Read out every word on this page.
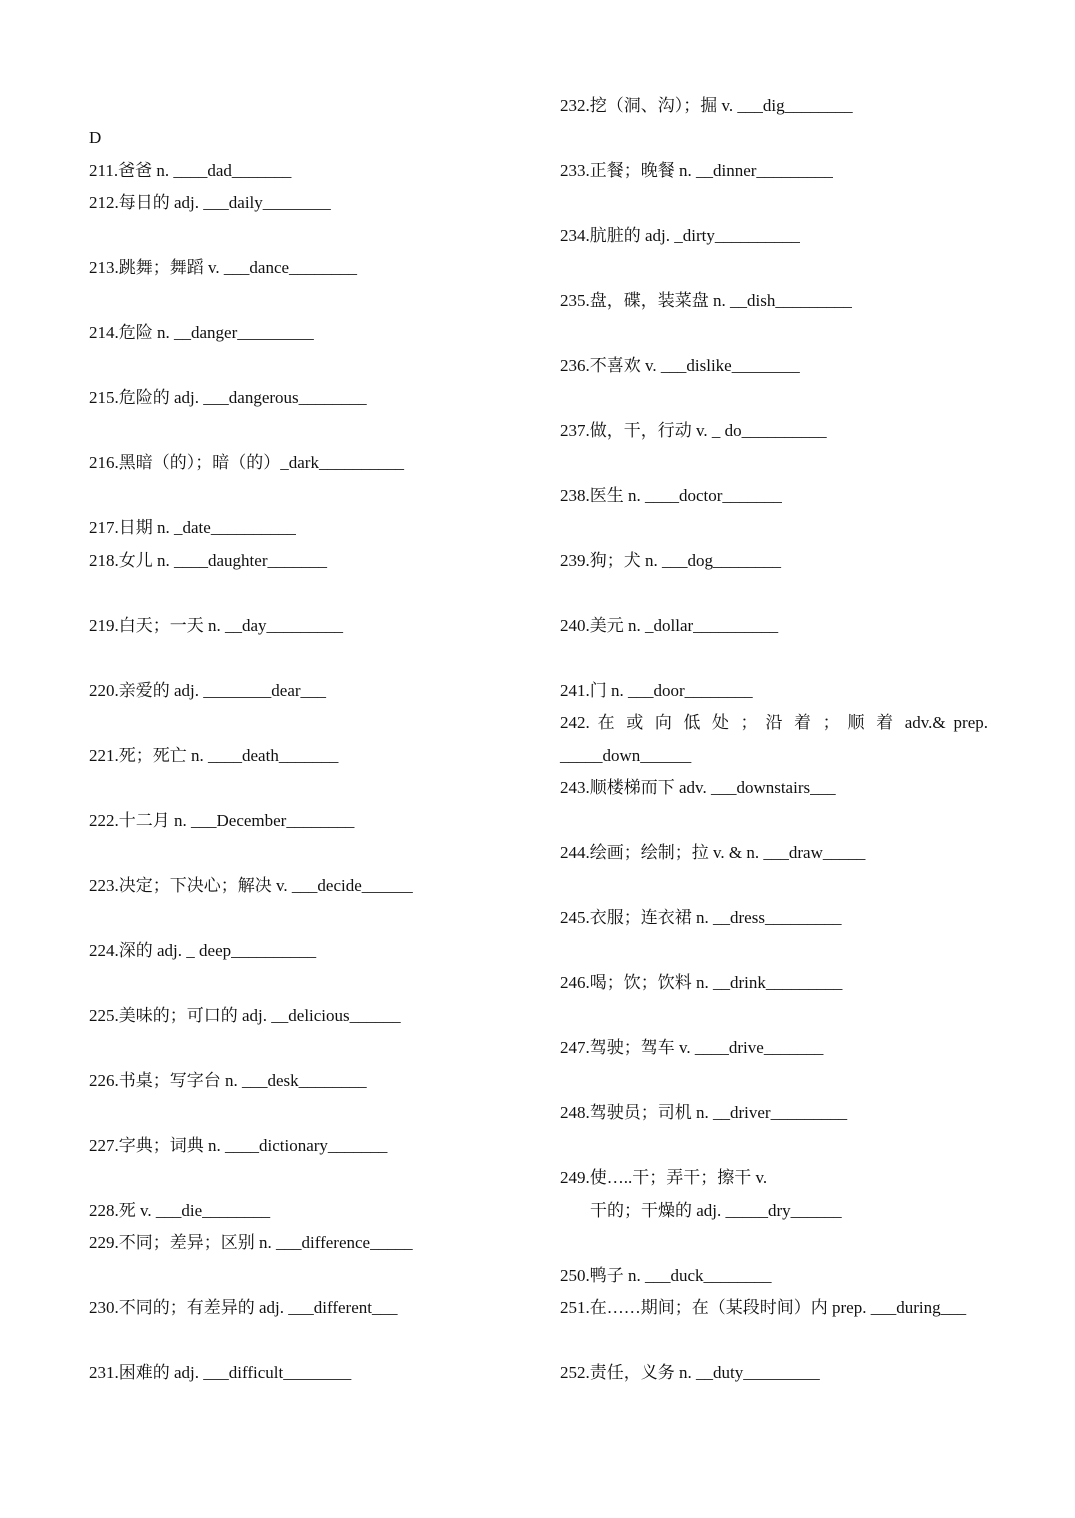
D
211.爸爸 n. ____dad_______
212.每日的 adj. ___daily________
213.跳舞；舞蹈 v. ___dance________
214.危险 n. __danger_________
215.危险的 adj. ___dangerous________
216.黑暗（的）；暗（的）_dark__________
217.日期 n. _date__________
218.女儿 n. ____daughter_______
219.白天；一天 n. __day_________
220.亲爱的 adj. ________dear___
221.死；死亡 n. ____death_______
222.十二月 n. ___December________
223.决定；下决心；解决 v. ___decide______
224.深的 adj. _ deep__________
225.美味的；可口的 adj. __delicious______
226.书桌；写字台 n. ___desk________
227.字典；词典 n. ____dictionary_______
228.死 v. ___die________
229.不同；差异；区别 n. ___difference_____
230.不同的；有差异的 adj. ___different___
231.困难的 adj. ___difficult________
232.挖（洞、沟）；掘 v. ___dig________
233.正餐；晚餐 n. __dinner_________
234.肮脏的 adj. _dirty__________
235.盘，碟，装菜盘 n. __dish_________
236.不喜欢 v. ___dislike________
237.做，干，行动 v. _ do__________
238.医生 n. ____doctor_______
239.狗；犬 n. ___dog________
240.美元 n. _dollar__________
241.门 n. ___door________
242. 在 或 向 低 处 ； 沿 着 ； 顺 着 adv.& prep.
_____down______
243.顺楼梯而下 adv. ___downstairs___
244.绘画；绘制；拉 v. & n. ___draw_____
245.衣服；连衣裙 n. __dress_________
246.喝；饮；饮料 n. __drink_________
247.驾驶；驾车 v. ____drive_______
248.驾驶员；司机 n. __driver_________
249.使…..干；弄干；擦干 v.
干的；干燥的 adj. _____dry______
250.鸭子 n. ___duck________
251.在……期间；在（某段时间）内 prep. ___during___
252.责任，义务 n. __duty_________
